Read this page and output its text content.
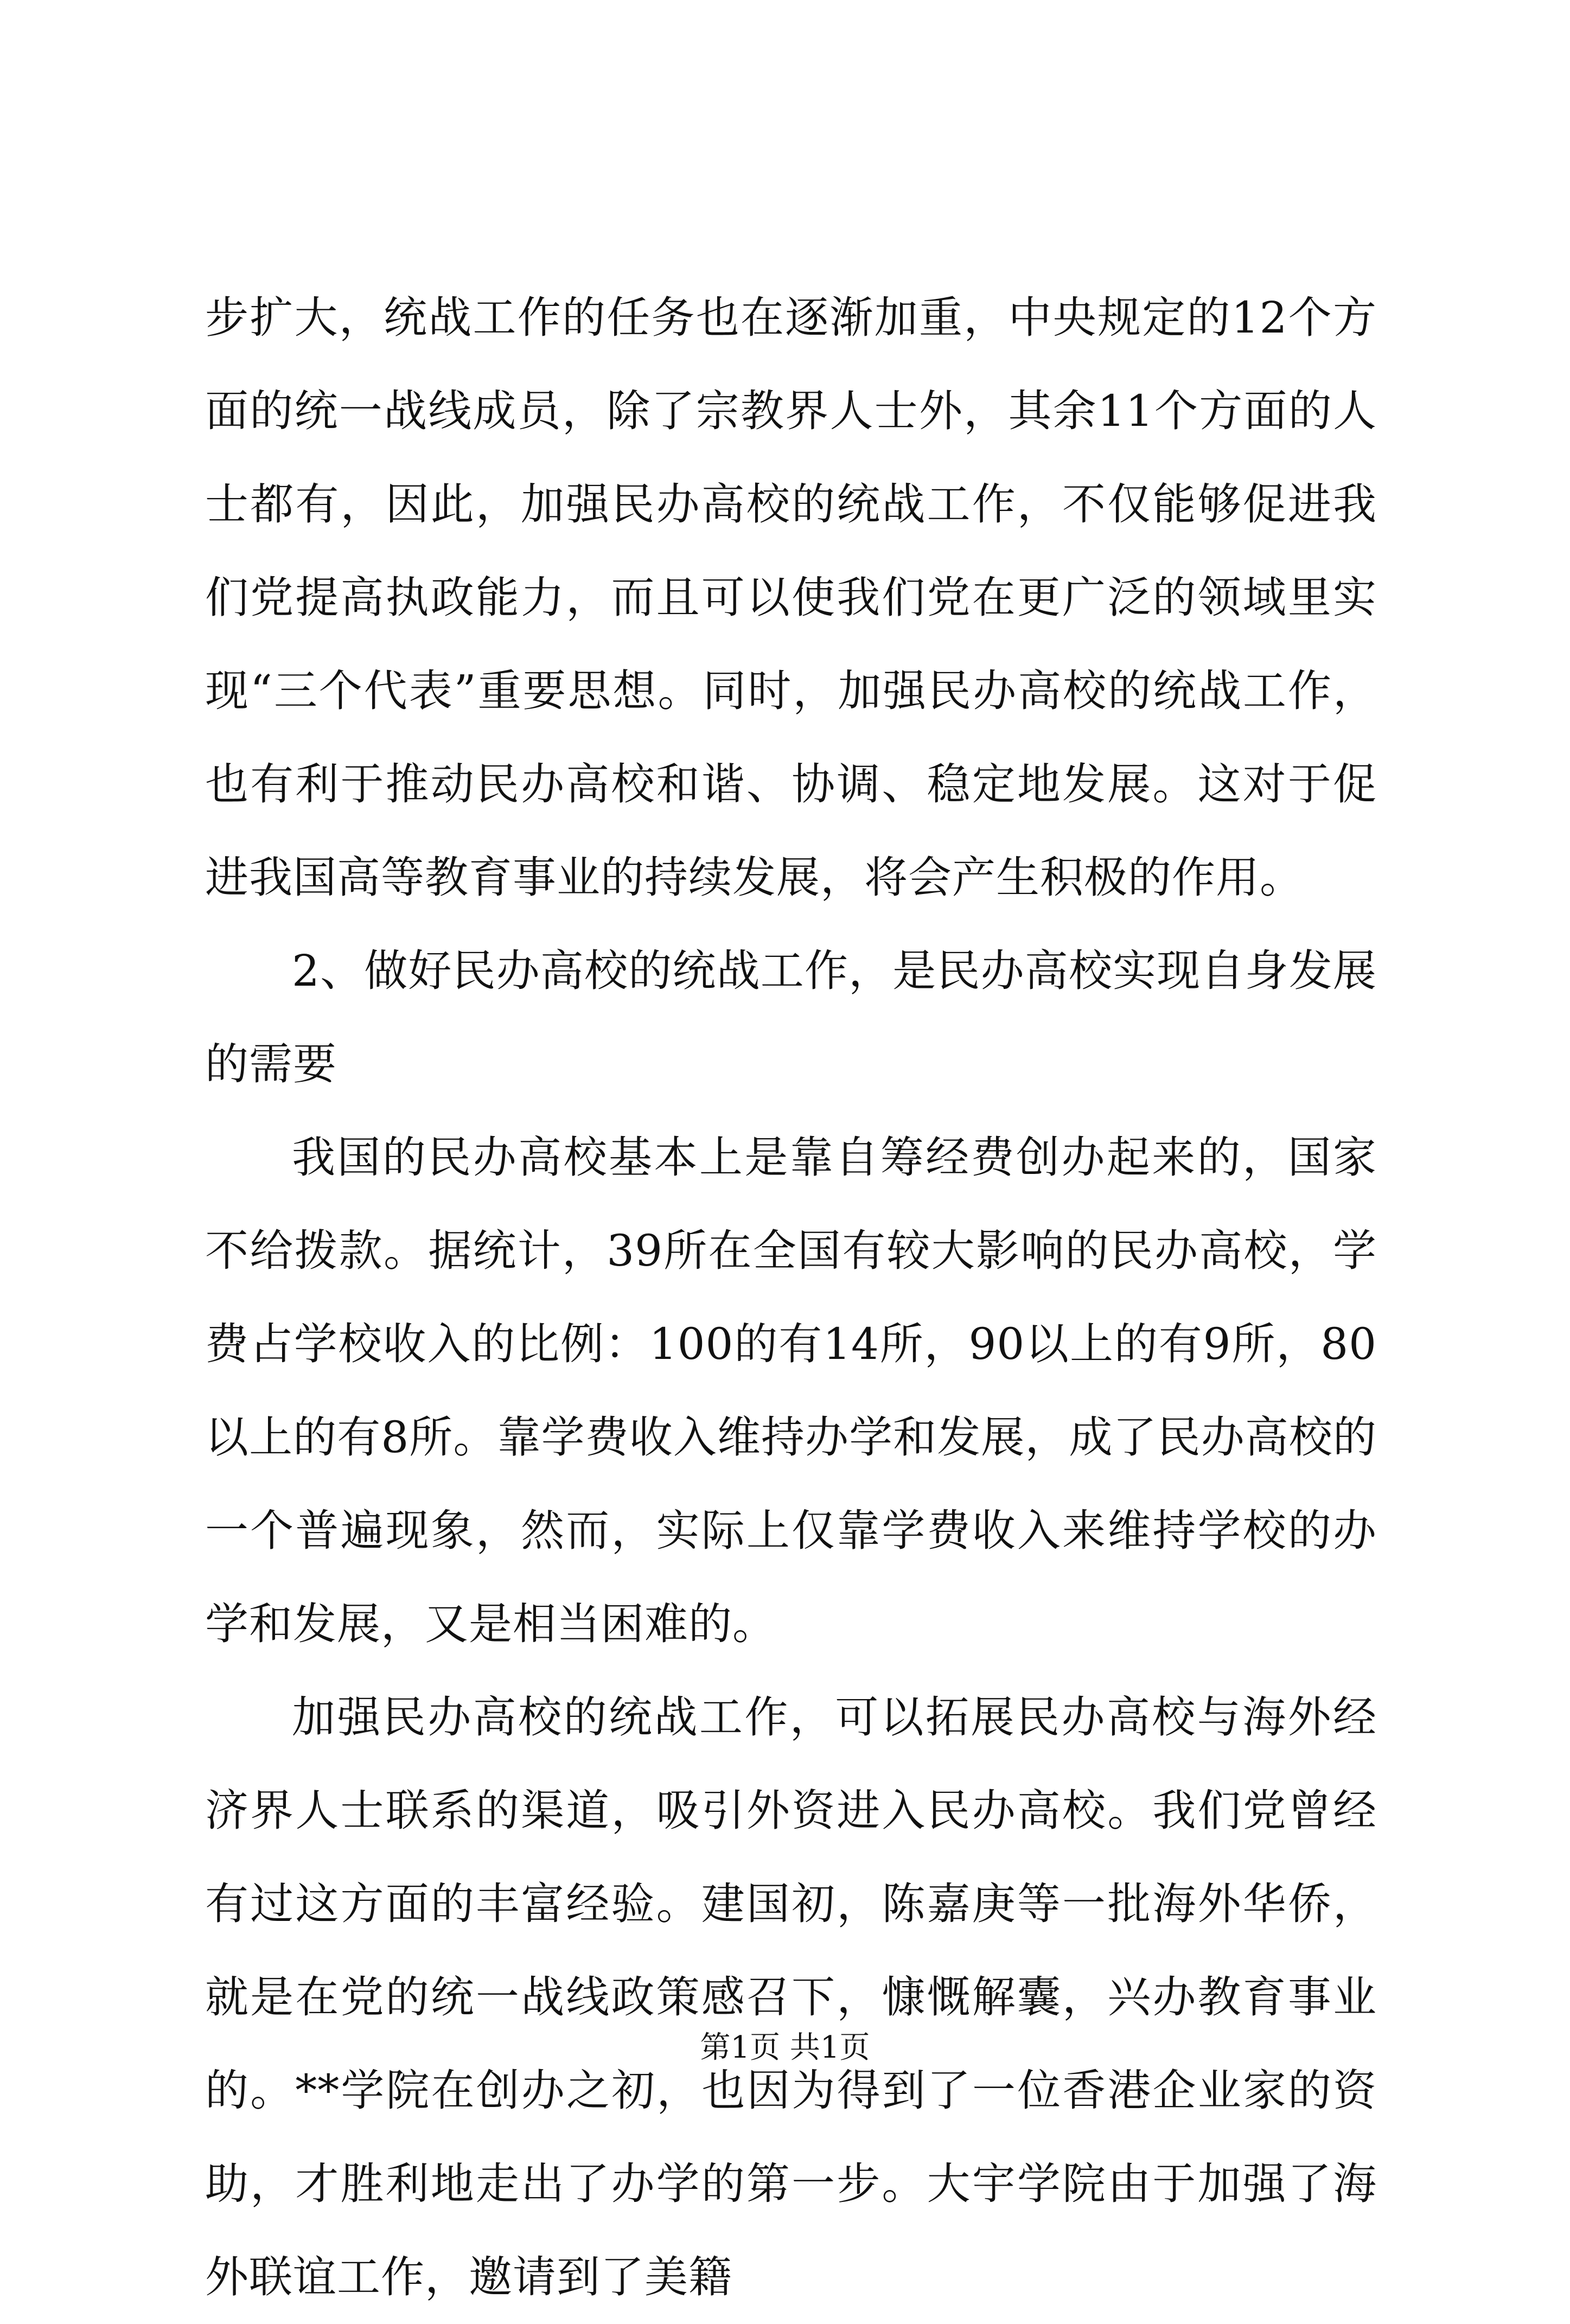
步扩大，统战工作的任务也在逐渐加重，中央规定的12个方面的统一战线成员，除了宗教界人士外，其余11个方面的人士都有，因此，加强民办高校的统战工作，不仅能够促进我们党提高执政能力，而且可以使我们党在更广泛的领域里实现“三个代表”重要思想。同时，加强民办高校的统战工作，也有利于推动民办高校和谐、协调、稳定地发展。这对于促进我国高等教育事业的持续发展，将会产生积极的作用。

2、做好民办高校的统战工作，是民办高校实现自身发展的需要

我国的民办高校基本上是靠自筹经费创办起来的，国家不给拨款。据统计，39所在全国有较大影响的民办高校，学费占学校收入的比例：100的有14所，90以上的有9所，80以上的有8所。靠学费收入维持办学和发展，成了民办高校的一个普遍现象，然而，实际上仅靠学费收入来维持学校的办学和发展，又是相当困难的。

加强民办高校的统战工作，可以拓展民办高校与海外经济界人士联系的渠道，吸引外资进入民办高校。我们党曾经有过这方面的丰富经验。建国初，陈嘉庚等一批海外华侨，就是在党的统一战线政策感召下，慷慨解囊，兴办教育事业的。**学院在创办之初，也因为得到了一位香港企业家的资助，才胜利地走出了办学的第一步。大宇学院由于加强了海外联谊工作，邀请到了美籍

第1页 共1页
